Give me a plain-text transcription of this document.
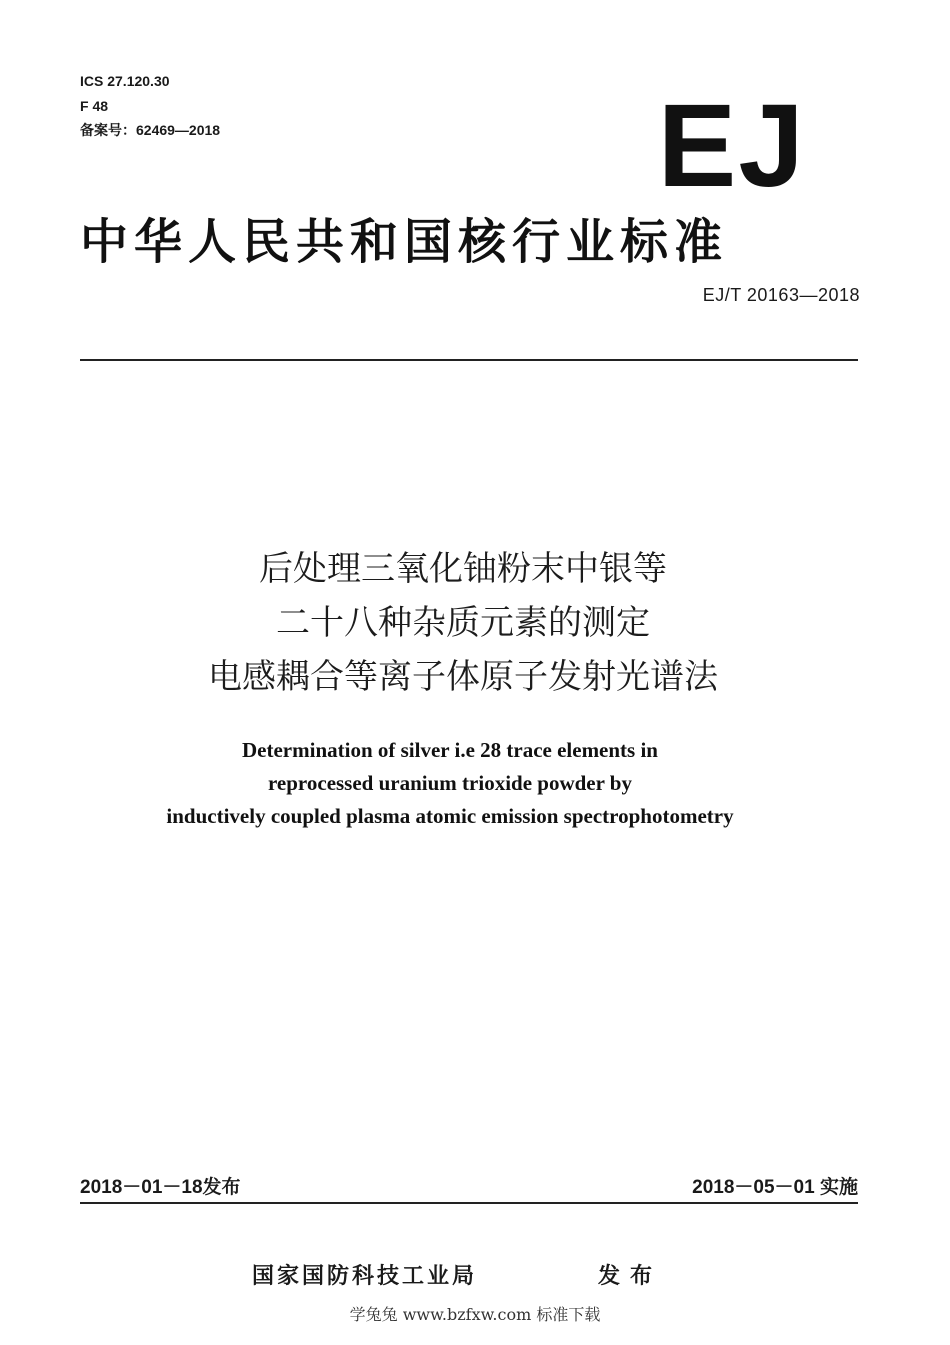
ICS 27.120.30
F 48
备案号：62469—2018	EJ
中华人民共和国核行业标准
EJ/T 20163—2018
后处理三氧化铀粉末中银等
二十八种杂质元素的测定
电感耦合等离子体原子发射光谱法
Determination of silver i.e 28 trace elements in
reprocessed uranium trioxide powder by
inductively coupled plasma atomic emission spectrophotometry
2018－01－18发布	2018－05－01 实施
国家国防科技工业局	发布
学兔兔 www.bzfxw.com 标准下载
